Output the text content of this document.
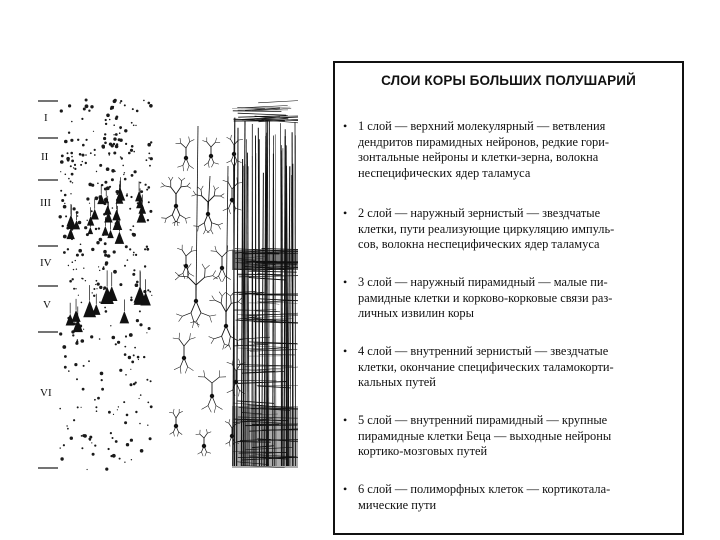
I
II
III
IV
V
VI
СЛОИ КОРЫ БОЛЬШИХ ПОЛУШАРИЙ
• 1 слой — верхний молекулярный — ветвления
дендритов пирамидных нейронов, редкие гори-
зонтальные нейроны и клетки-зерна, волокна
неспецифических ядер таламуса
• 2 слой — наружный зернистый — звездчатые
клетки, пути реализующие циркуляцию импуль-
сов, волокна неспецифических ядер таламуса
• 3 слой — наружный пирамидный — малые пи-
рамидные клетки и корково-корковые связи раз-
личных извилин коры
• 4 слой — внутренний зернистый — звездчатые
клетки, окончание специфических таламокорти-
кальных путей
• 5 слой — внутренний пирамидный — крупные
пирамидные клетки Беца — выходные нейроны
кортико-мозговых путей
• 6 слой — полиморфных клеток — кортикотала-
мические пути
